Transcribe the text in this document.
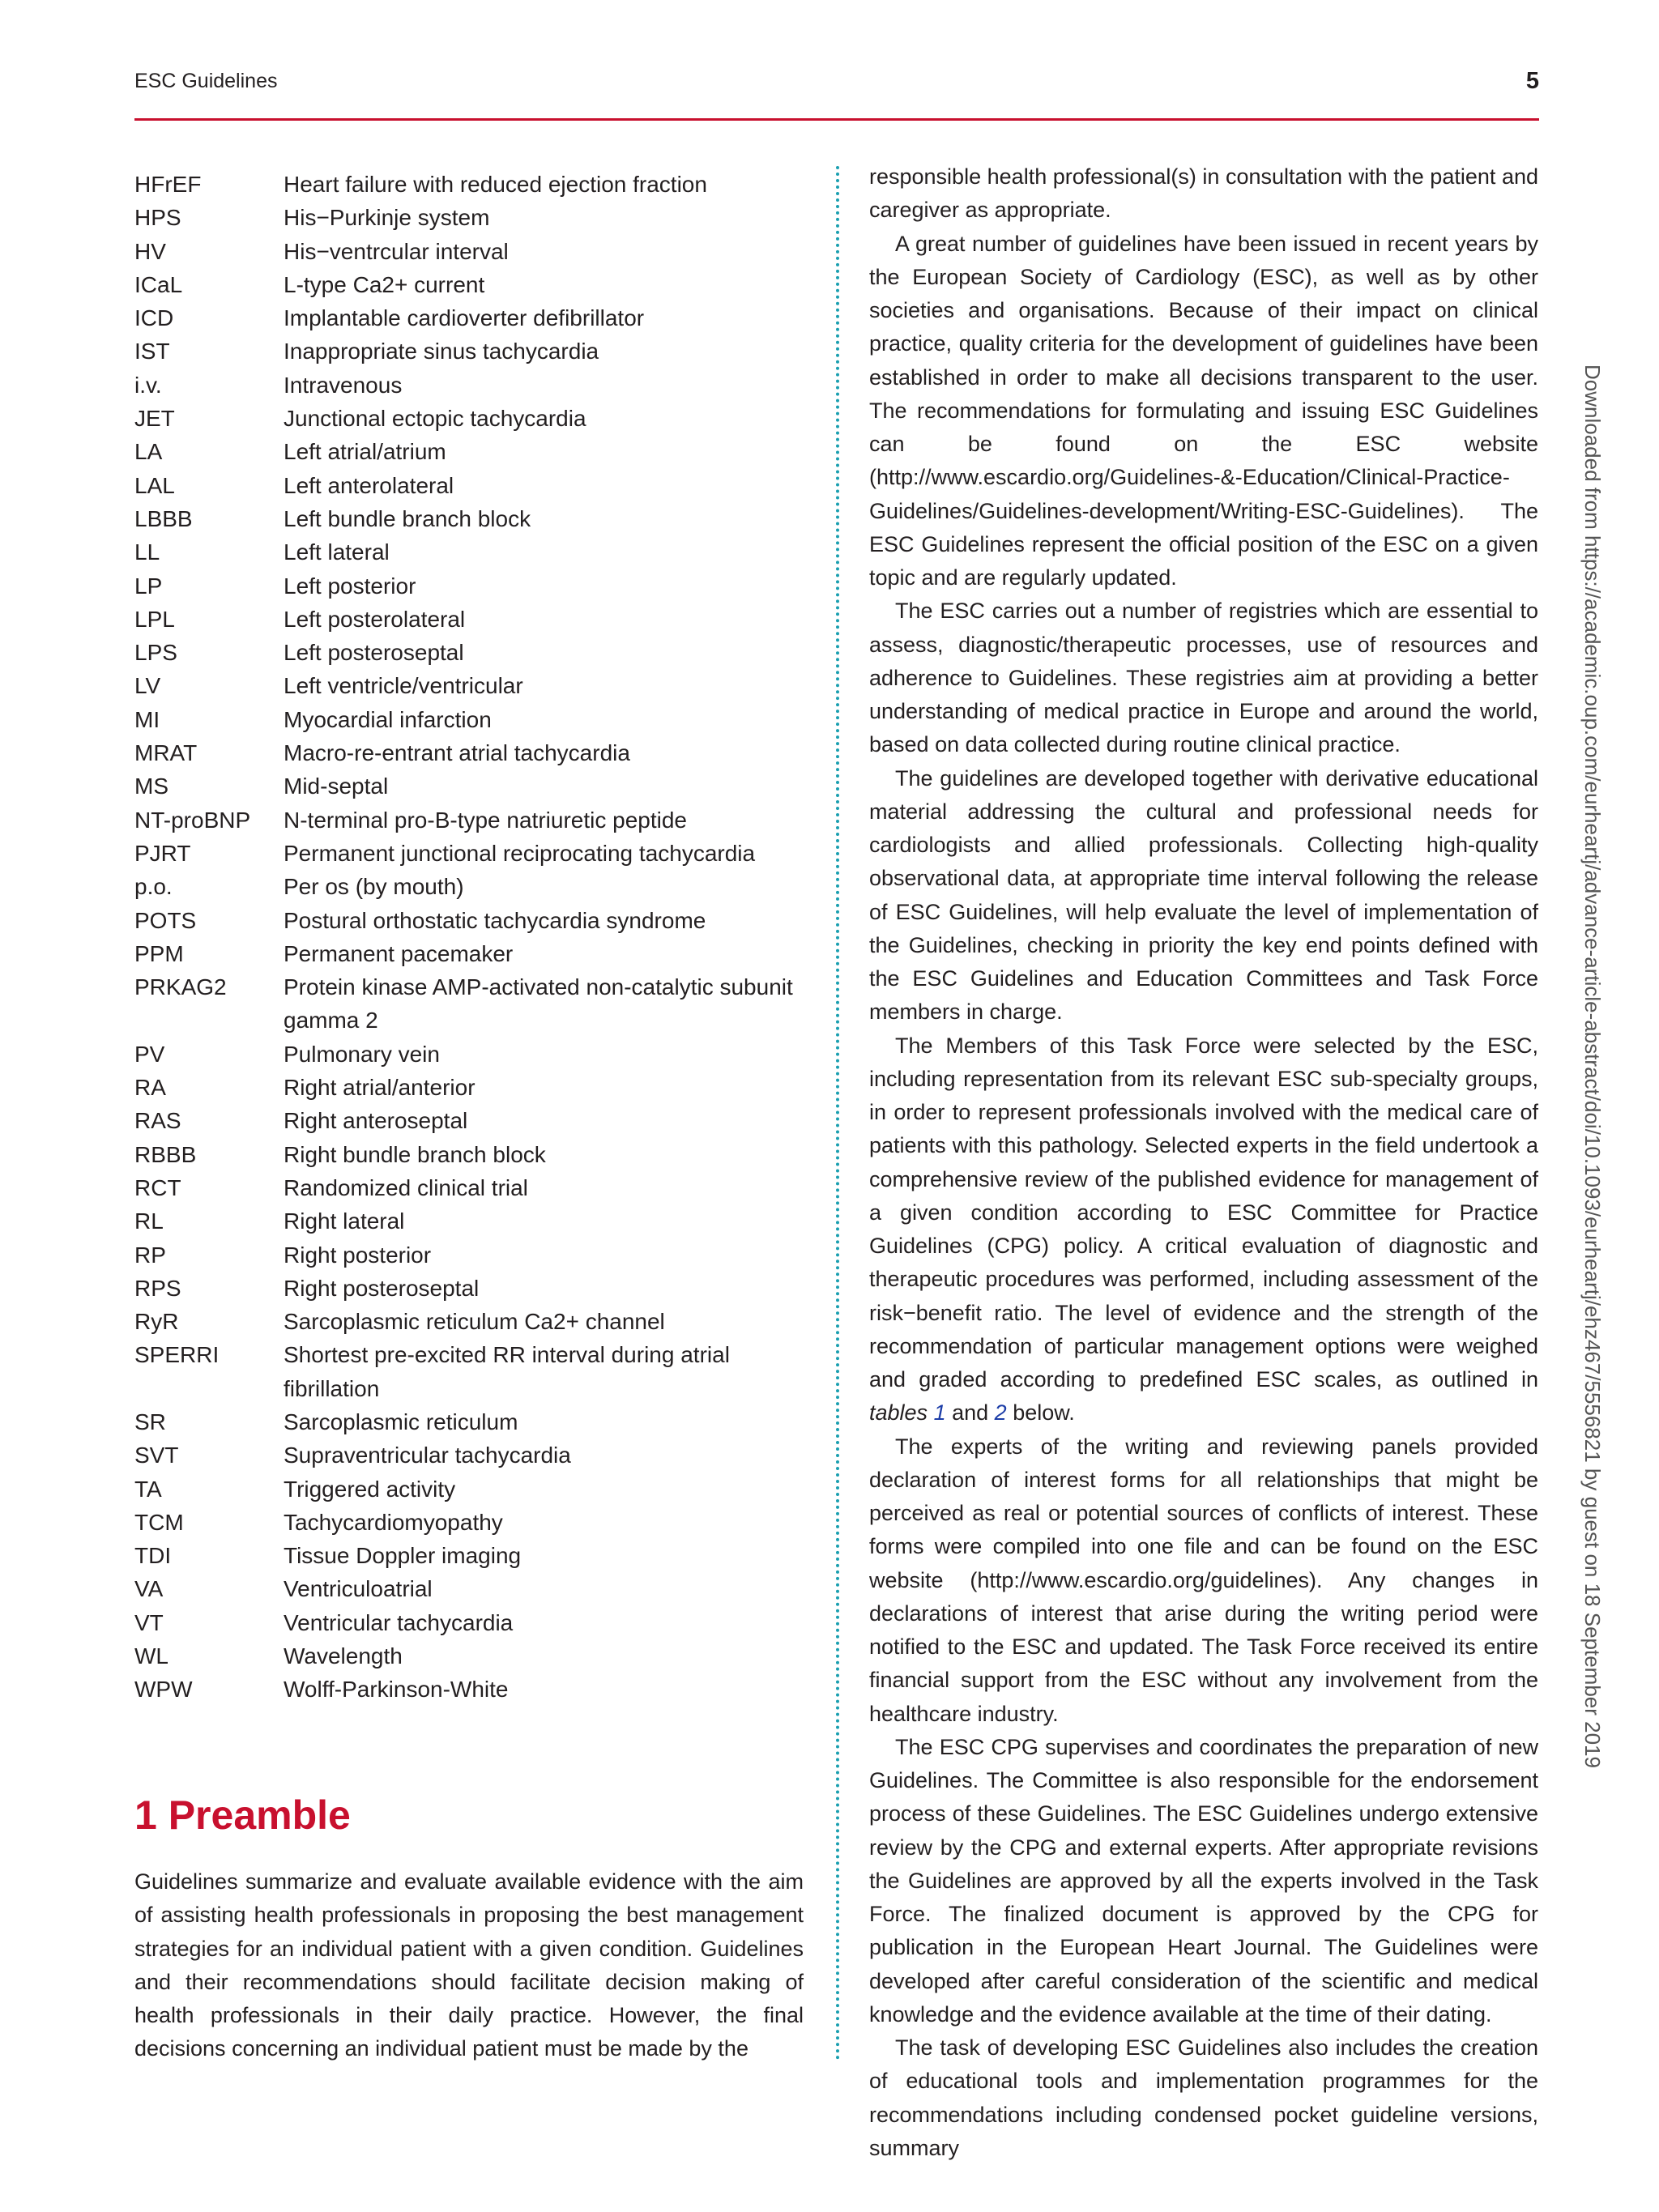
ESC Guidelines	5
HFrEF	Heart failure with reduced ejection fraction
HPS	His−Purkinje system
HV	His−ventrcular interval
ICaL	L-type Ca2+ current
ICD	Implantable cardioverter defibrillator
IST	Inappropriate sinus tachycardia
i.v.	Intravenous
JET	Junctional ectopic tachycardia
LA	Left atrial/atrium
LAL	Left anterolateral
LBBB	Left bundle branch block
LL	Left lateral
LP	Left posterior
LPL	Left posterolateral
LPS	Left posteroseptal
LV	Left ventricle/ventricular
MI	Myocardial infarction
MRAT	Macro-re-entrant atrial tachycardia
MS	Mid-septal
NT-proBNP	N-terminal pro-B-type natriuretic peptide
PJRT	Permanent junctional reciprocating tachycardia
p.o.	Per os (by mouth)
POTS	Postural orthostatic tachycardia syndrome
PPM	Permanent pacemaker
PRKAG2	Protein kinase AMP-activated non-catalytic subunit gamma 2
PV	Pulmonary vein
RA	Right atrial/anterior
RAS	Right anteroseptal
RBBB	Right bundle branch block
RCT	Randomized clinical trial
RL	Right lateral
RP	Right posterior
RPS	Right posteroseptal
RyR	Sarcoplasmic reticulum Ca2+ channel
SPERRI	Shortest pre-excited RR interval during atrial fibrillation
SR	Sarcoplasmic reticulum
SVT	Supraventricular tachycardia
TA	Triggered activity
TCM	Tachycardiomyopathy
TDI	Tissue Doppler imaging
VA	Ventriculoatrial
VT	Ventricular tachycardia
WL	Wavelength
WPW	Wolff-Parkinson-White
1 Preamble

Guidelines summarize and evaluate available evidence with the aim of assisting health professionals in proposing the best management strategies for an individual patient with a given condition. Guidelines and their recommendations should facilitate decision making of health professionals in their daily practice. However, the final decisions concerning an individual patient must be made by the

responsible health professional(s) in consultation with the patient and caregiver as appropriate.

A great number of guidelines have been issued in recent years by the European Society of Cardiology (ESC), as well as by other societies and organisations. Because of their impact on clinical practice, quality criteria for the development of guidelines have been established in order to make all decisions transparent to the user. The recommendations for formulating and issuing ESC Guidelines can be found on the ESC website (http://www.escardio.org/Guidelines-&-Education/Clinical-Practice-Guidelines/Guidelines-development/Writing-ESC-Guidelines). The ESC Guidelines represent the official position of the ESC on a given topic and are regularly updated.

The ESC carries out a number of registries which are essential to assess, diagnostic/therapeutic processes, use of resources and adherence to Guidelines. These registries aim at providing a better understanding of medical practice in Europe and around the world, based on data collected during routine clinical practice.

The guidelines are developed together with derivative educational material addressing the cultural and professional needs for cardiologists and allied professionals. Collecting high-quality observational data, at appropriate time interval following the release of ESC Guidelines, will help evaluate the level of implementation of the Guidelines, checking in priority the key end points defined with the ESC Guidelines and Education Committees and Task Force members in charge.

The Members of this Task Force were selected by the ESC, including representation from its relevant ESC sub-specialty groups, in order to represent professionals involved with the medical care of patients with this pathology. Selected experts in the field undertook a comprehensive review of the published evidence for management of a given condition according to ESC Committee for Practice Guidelines (CPG) policy. A critical evaluation of diagnostic and therapeutic procedures was performed, including assessment of the risk−benefit ratio. The level of evidence and the strength of the recommendation of particular management options were weighed and graded according to predefined ESC scales, as outlined in tables 1 and 2 below.

The experts of the writing and reviewing panels provided declaration of interest forms for all relationships that might be perceived as real or potential sources of conflicts of interest. These forms were compiled into one file and can be found on the ESC website (http://www.escardio.org/guidelines). Any changes in declarations of interest that arise during the writing period were notified to the ESC and updated. The Task Force received its entire financial support from the ESC without any involvement from the healthcare industry.

The ESC CPG supervises and coordinates the preparation of new Guidelines. The Committee is also responsible for the endorsement process of these Guidelines. The ESC Guidelines undergo extensive review by the CPG and external experts. After appropriate revisions the Guidelines are approved by all the experts involved in the Task Force. The finalized document is approved by the CPG for publication in the European Heart Journal. The Guidelines were developed after careful consideration of the scientific and medical knowledge and the evidence available at the time of their dating.

The task of developing ESC Guidelines also includes the creation of educational tools and implementation programmes for the recommendations including condensed pocket guideline versions, summary

Downloaded from https://academic.oup.com/eurheartj/advance-article-abstract/doi/10.1093/eurheartj/ehz467/5556821 by guest on 18 September 2019
